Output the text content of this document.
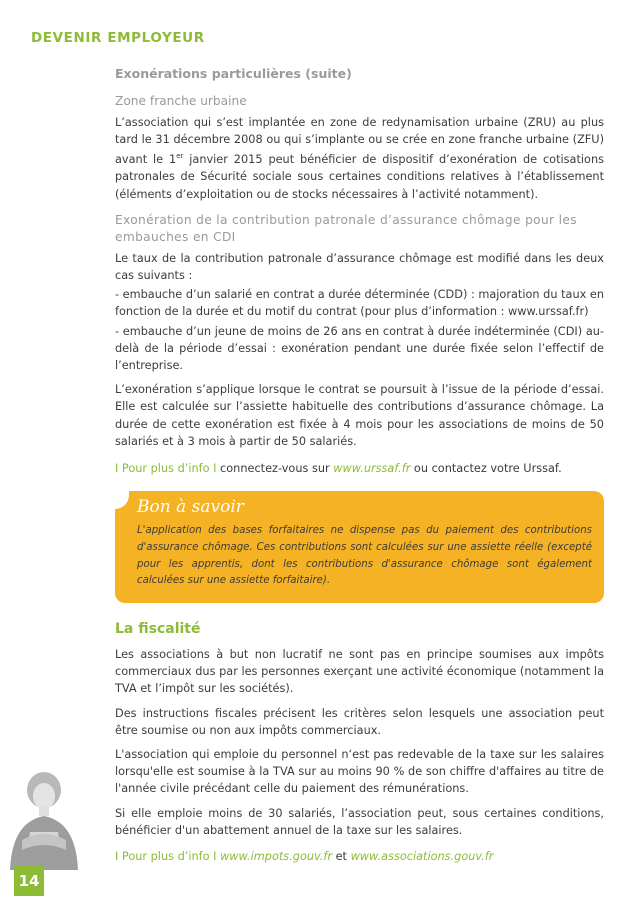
DEVENIR EMPLOYEUR
Exonérations particulières (suite)
Zone franche urbaine

L’association qui s’est implantée en zone de redynamisation urbaine (ZRU) au plus tard le 31 décembre 2008 ou qui s’implante ou se crée en zone franche urbaine (ZFU) avant le 1er janvier 2015 peut bénéficier de dispositif d’exonération de cotisations patronales de Sécurité sociale sous certaines conditions relatives à l’établissement (éléments d’exploitation ou de stocks nécessaires à l’activité notamment).

Exonération de la contribution patronale d’assurance chômage pour les embauches en CDI

Le taux de la contribution patronale d’assurance chômage est modifié dans les deux cas suivants :

- embauche d’un salarié en contrat a durée déterminée (CDD) : majoration du taux en fonction de la durée et du motif du contrat (pour plus d’information : www.urssaf.fr)

- embauche d’un jeune de moins de 26 ans en contrat à durée indéterminée (CDI) au-delà de la période d’essai : exonération pendant une durée fixée selon l’effectif de l’entreprise.

L’exonération s’applique lorsque le contrat se poursuit à l’issue de la période d’essai. Elle est calculée sur l’assiette habituelle des contributions d’assurance chômage. La durée de cette exonération est fixée à 4 mois pour les associations de moins de 50 salariés et à 3 mois à partir de 50 salariés.

I Pour plus d’info I connectez-vous sur www.urssaf.fr ou contactez votre Urssaf.
Bon à savoir
L'application des bases forfaitaires ne dispense pas du paiement des contributions d'assurance chômage. Ces contributions sont calculées sur une assiette réelle (excepté pour les apprentis, dont les contributions d'assurance chômage sont également calculées sur une assiette forfaitaire).
La fiscalité

Les associations à but non lucratif ne sont pas en principe soumises aux impôts commerciaux dus par les personnes exerçant une activité économique (notamment la TVA et l’impôt sur les sociétés).

Des instructions fiscales précisent les critères selon lesquels une association peut être soumise ou non aux impôts commerciaux.

L'association qui emploie du personnel n‘est pas redevable de la taxe sur les salaires lorsqu'elle est soumise à la TVA sur au moins 90 % de son chiffre d'affaires au titre de l'année civile précédant celle du paiement des rémunérations.

Si elle emploie moins de 30 salariés, l’association peut, sous certaines conditions, bénéficier d'un abattement annuel de la taxe sur les salaires.

I Pour plus d’info I www.impots.gouv.fr et www.associations.gouv.fr
14
